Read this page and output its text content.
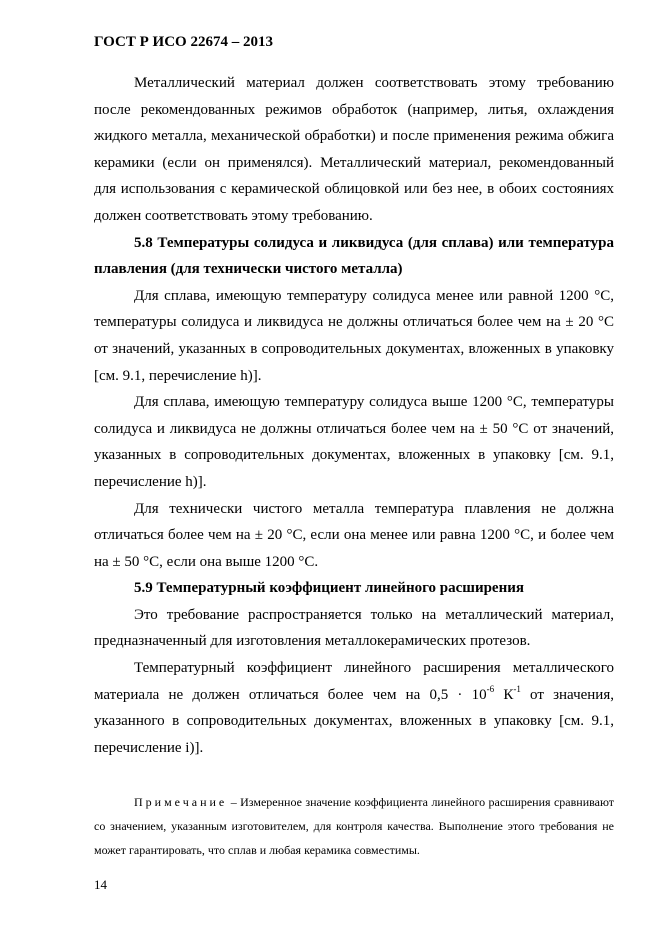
ГОСТ Р ИСО 22674 – 2013

Металлический материал должен соответствовать этому требованию после рекомендованных режимов обработок (например, литья, охлаждения жидкого металла, механической обработки) и после применения режима обжига керамики (если он применялся). Металлический материал, рекомендованный для использования с керамической облицовкой или без нее, в обоих состояниях должен соответствовать этому требованию.

5.8 Температуры солидуса и ликвидуса (для сплава) или температура плавления (для технически чистого металла)

Для сплава, имеющую температуру солидуса менее или равной 1200 °С, температуры солидуса и ликвидуса не должны отличаться более чем на ± 20 °С от значений, указанных в сопроводительных документах, вложенных в упаковку [см. 9.1, перечисление h)].

Для сплава, имеющую температуру солидуса выше 1200 °С, температуры солидуса и ликвидуса не должны отличаться более чем на ± 50 °С от значений, указанных в сопроводительных документах, вложенных в упаковку [см. 9.1, перечисление h)].

Для технически чистого металла температура плавления не должна отличаться более чем на ± 20 °С, если она менее или равна 1200 °С, и более чем на ± 50 °С, если она выше 1200 °С.

5.9 Температурный коэффициент линейного расширения

Это требование распространяется только на металлический материал, предназначенный для изготовления металлокерамических протезов.

Температурный коэффициент линейного расширения металлического материала не должен отличаться более чем на $0,5 \cdot 10^{-6}$ $К^{-1}$ от значения, указанного в сопроводительных документах, вложенных в упаковку [см. 9.1, перечисление i)].

Примечание – Измеренное значение коэффициента линейного расширения сравнивают со значением, указанным изготовителем, для контроля качества. Выполнение этого требования не может гарантировать, что сплав и любая керамика совместимы.

14
